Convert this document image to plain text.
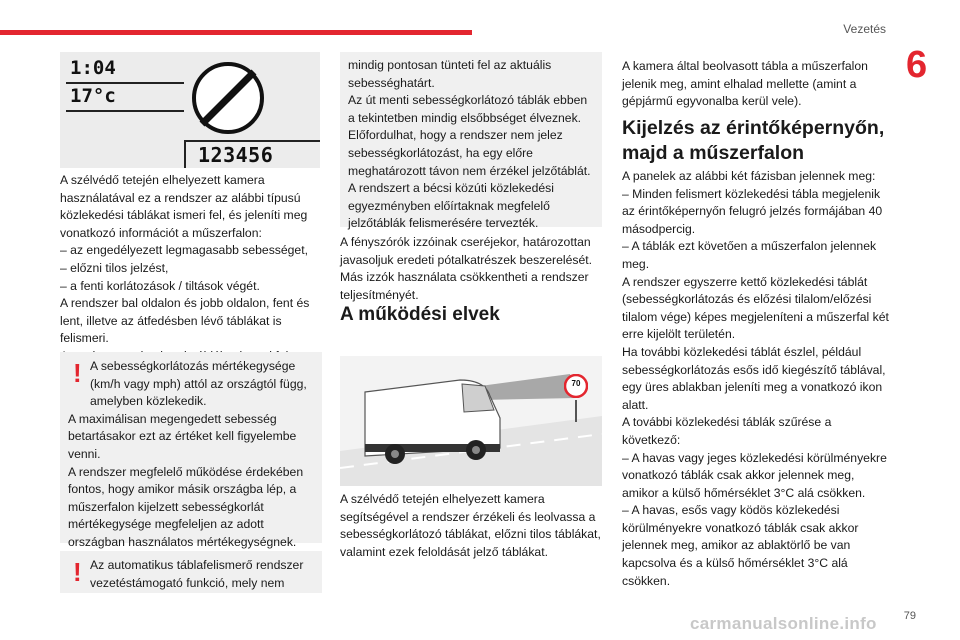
Vezetés
6
1:04
17°c
123456

A szélvédő tetején elhelyezett kamera használatával ez a rendszer az alábbi típusú közlekedési táblákat ismeri fel, és jeleníti meg vonatkozó információt a műszerfalon:

– az engedélyezett legmagasabb sebességet,

– előzni tilos jelzést,

– a fenti korlátozások / tiltások végét.

A rendszer bal oldalon és jobb oldalon, fent és lent, illetve az átfedésben lévő táblákat is felismeri.

! A sebességkorlátozás mértékegysége (km/h vagy mph) attól az országtól függ, amelyben közlekedik.

A maximálisan megengedett sebesség betartásakor ezt az értéket kell figyelembe venni.

A rendszer megfelelő működése érdekében fontos, hogy amikor másik országba lép, a műszerfalon kijelzett sebességkorlát mértékegysége megfeleljen az adott országban használatos mértékegységnek.

! Az automatikus táblafelismerő rendszer vezetéstámogató funkció, mely nem

mindig pontosan tünteti fel az aktuális sebességhatárt.

Az út menti sebességkorlátozó táblák ebben a tekintetben mindig elsőbbséget élveznek.

Előfordulhat, hogy a rendszer nem jelez sebességkorlátozást, ha egy előre meghatározott távon nem érzékel jelzőtáblát.

A rendszert a bécsi közúti közlekedési egyezményben előírtaknak megfelelő jelzőtáblák felismerésére tervezték.

A fényszórók izzóinak cseréjekor, határozottan javasoljuk eredeti pótalkatrészek beszerelését. Más izzók használata csökkentheti a rendszer teljesítményét.

A működési elvek
70

A szélvédő tetején elhelyezett kamera segítségével a rendszer érzékeli és leolvassa a sebességkorlátozó táblákat, előzni tilos táblákat, valamint ezek feloldását jelző táblákat.

A kamera által beolvasott tábla a műszerfalon jelenik meg, amint elhalad mellette (amint a gépjármű egyvonalba kerül vele).

Kijelzés az érintőképernyőn, majd a műszerfalon

A panelek az alábbi két fázisban jelennek meg:

– Minden felismert közlekedési tábla megjelenik az érintőképernyőn felugró jelzés formájában 40 másodpercig.

– A táblák ezt követően a műszerfalon jelennek meg.

A rendszer egyszerre kettő közlekedési táblát (sebességkorlátozás és előzési tilalom/előzési tilalom vége) képes megjeleníteni a műszerfal két erre kijelölt területén.

Ha további közlekedési táblát észlel, például sebességkorlátozás esős idő kiegészítő táblával, egy üres ablakban jeleníti meg a vonatkozó ikon alatt.

A további közlekedési táblák szűrése a következő:

– A havas vagy jeges közlekedési körülményekre vonatkozó táblák csak akkor jelennek meg, amikor a külső hőmérséklet 3°C alá csökken.

– A havas, esős vagy ködös közlekedési körülményekre vonatkozó táblák csak akkor jelennek meg, amikor az ablaktörlő be van kapcsolva és a külső hőmérséklet 3°C alá csökken.

carmanualsonline.info 79
